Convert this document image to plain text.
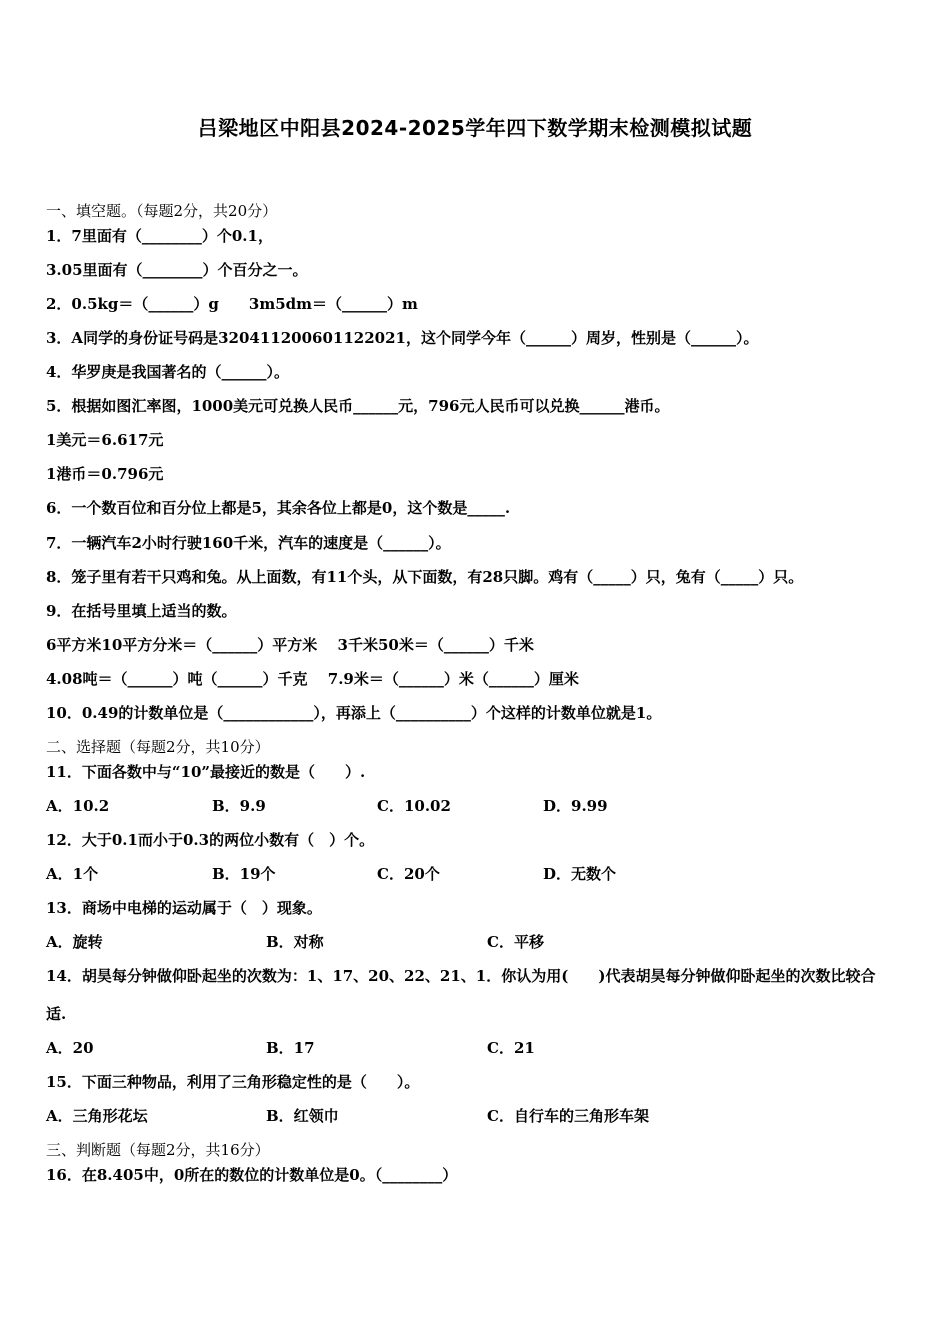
吕梁地区中阳县2024-2025学年四下数学期末检测模拟试题
一、填空题。（每题2分，共20分）
1．7里面有（________）个0.1，
3.05里面有（________）个百分之一。
2．0.5kg＝（______）g　　3m5dm＝（______）m
3．A同学的身份证号码是320411200601122021，这个同学今年（______）周岁，性别是（______）。
4．华罗庚是我国著名的（______）。
5．根据如图汇率图，1000美元可兑换人民币______元，796元人民币可以兑换______港币。
1美元＝6.617元
1港币＝0.796元
6．一个数百位和百分位上都是5，其余各位上都是0，这个数是_____.
7．一辆汽车2小时行驶160千米，汽车的速度是（______）。
8．笼子里有若干只鸡和兔。从上面数，有11个头，从下面数，有28只脚。鸡有（_____）只，兔有（_____）只。
9．在括号里填上适当的数。
6平方米10平方分米＝（______）平方米　 3千米50米＝（______）千米
4.08吨＝（______）吨（______）千克　 7.9米＝（______）米（______）厘米
10．0.49的计数单位是（____________），再添上（__________）个这样的计数单位就是1。
二、选择题（每题2分，共10分）
11．下面各数中与“10”最接近的数是（　　）.
A．10.2	B．9.9	C．10.02	D．9.99
12．大于0.1而小于0.3的两位小数有（　）个。
A．1个	B．19个	C．20个	D．无数个
13．商场中电梯的运动属于（　）现象。
A．旋转	B．对称	C．平移
14．胡昊每分钟做仰卧起坐的次数为：1、17、20、22、21、1．你认为用(　　)代表胡昊每分钟做仰卧起坐的次数比较合
适.
A．20	B．17	C．21
15．下面三种物品，利用了三角形稳定性的是（　　）。
A．三角形花坛	B．红领巾	C．自行车的三角形车架
三、判断题（每题2分，共16分）
16．在8.405中，0所在的数位的计数单位是0。（________）
